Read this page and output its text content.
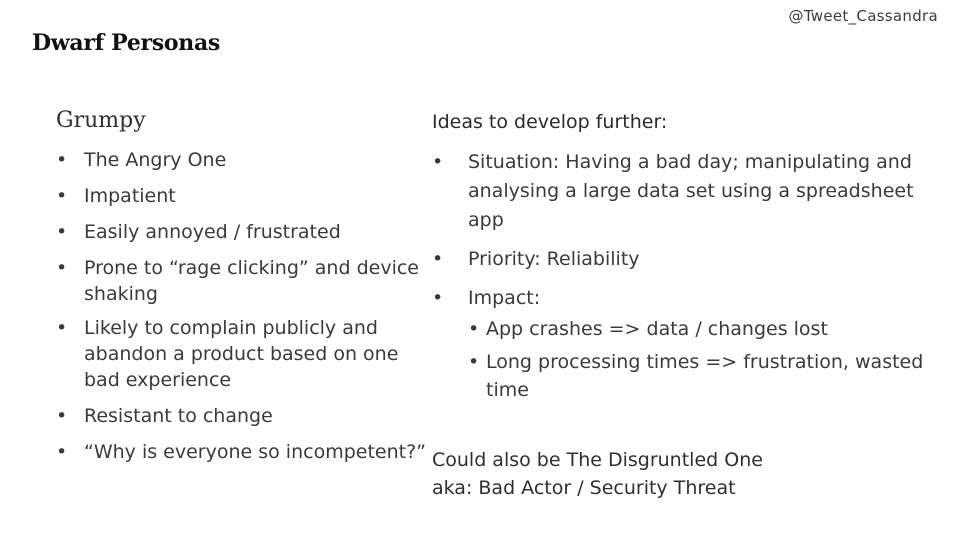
@Tweet_Cassandra
Dwarf Personas
Grumpy
• The Angry One
• Impatient
• Easily annoyed / frustrated
• Prone to “rage clicking” and device shaking
• Likely to complain publicly and abandon a product based on one bad experience
• Resistant to change
• “Why is everyone so incompetent?”
Ideas to develop further:
• Situation: Having a bad day; manipulating and analysing a large data set using a spreadsheet app
• Priority: Reliability
• Impact:
• App crashes => data / changes lost
• Long processing times => frustration, wasted time
Could also be The Disgruntled One
aka: Bad Actor / Security Threat
